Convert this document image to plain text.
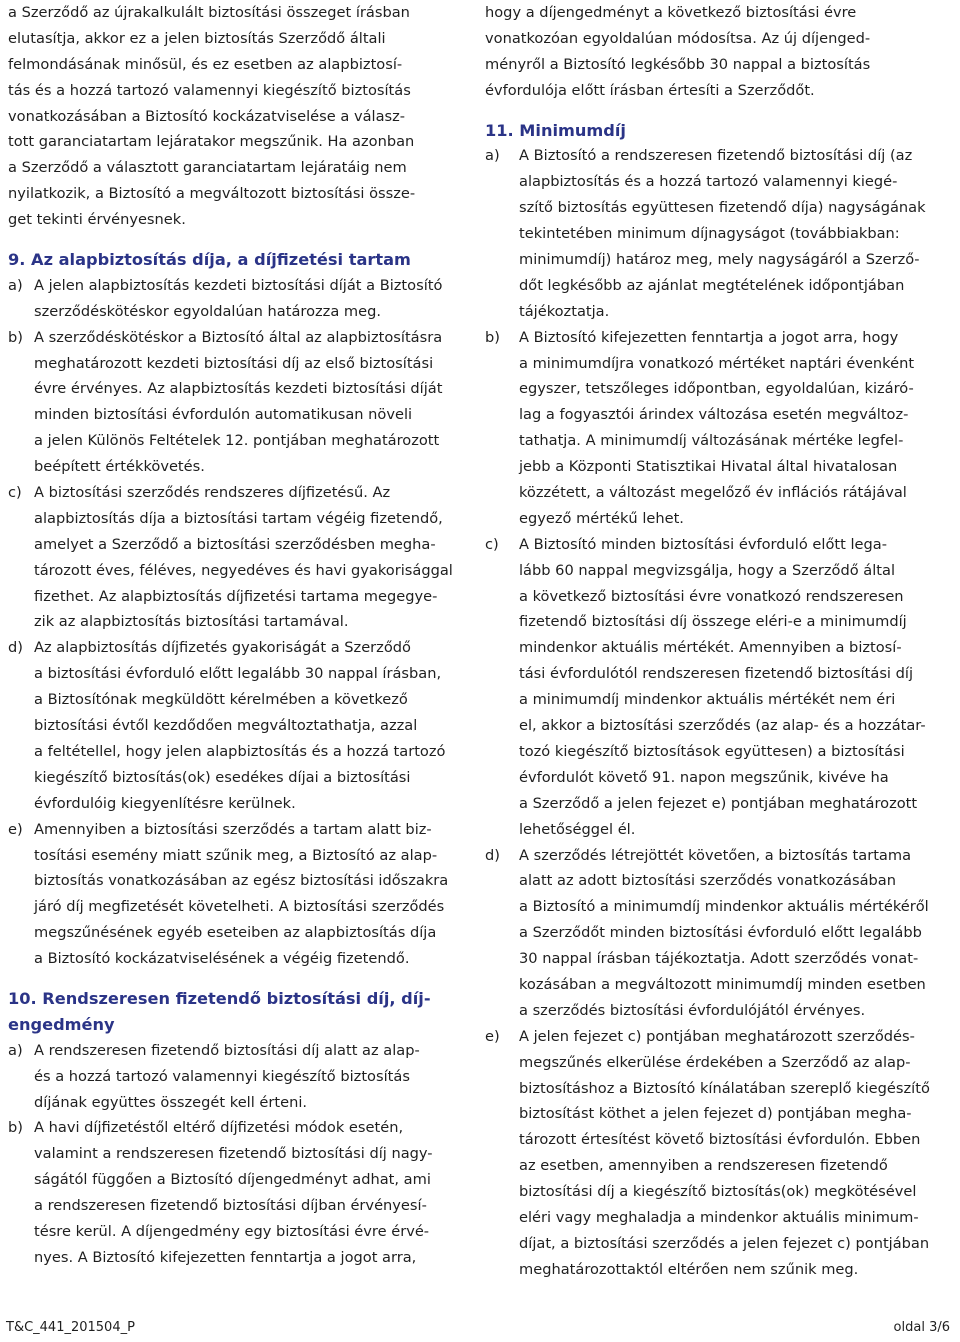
a Szerződő az újrakalkulált biztosítási összeget írásban
elutasítja, akkor ez a jelen biztosítás Szerződő általi
felmondásának minősül, és ez esetben az alapbiztosí-
tás és a hozzá tartozó valamennyi kiegészítő biztosítás
vonatkozásában a Biztosító kockázatviselése a válasz-
tott garanciatartam lejáratakor megszűnik. Ha azonban
a Szerződő a választott garanciatartam lejáratáig nem
nyilatkozik, a Biztosító a megváltozott biztosítási össze-
get tekinti érvényesnek.
9. Az alapbiztosítás díja, a díjfizetési tartam
a) A jelen alapbiztosítás kezdeti biztosítási díját a Biztosító
szerződéskötéskor egyoldalúan határozza meg.
b) A szerződéskötéskor a Biztosító által az alapbiztosításra
meghatározott kezdeti biztosítási díj az első biztosítási
évre érvényes. Az alapbiztosítás kezdeti biztosítási díját
minden biztosítási évfordulón automatikusan növeli
a jelen Különös Feltételek 12. pontjában meghatározott
beépített értékkövetés.
c) A biztosítási szerződés rendszeres díjfizetésű. Az
alapbiztosítás díja a biztosítási tartam végéig fizetendő,
amelyet a Szerződő a biztosítási szerződésben megha-
tározott éves, féléves, negyedéves és havi gyakorisággal
fizethet. Az alapbiztosítás díjfizetési tartama megegye-
zik az alapbiztosítás biztosítási tartamával.
d) Az alapbiztosítás díjfizetés gyakoriságát a Szerződő
a biztosítási évforduló előtt legalább 30 nappal írásban,
a Biztosítónak megküldött kérelmében a következő
biztosítási évtől kezdődően megváltoztathatja, azzal
a feltétellel, hogy jelen alapbiztosítás és a hozzá tartozó
kiegészítő biztosítás(ok) esedékes díjai a biztosítási
évfordulóig kiegyenlítésre kerülnek.
e) Amennyiben a biztosítási szerződés a tartam alatt biz-
tosítási esemény miatt szűnik meg, a Biztosító az alap-
biztosítás vonatkozásában az egész biztosítási időszakra
járó díj megfizetését követelheti. A biztosítási szerződés
megszűnésének egyéb eseteiben az alapbiztosítás díja
a Biztosító kockázatviselésének a végéig fizetendő.
10. Rendszeresen fizetendő biztosítási díj, díj-
engedmény
a) A rendszeresen fizetendő biztosítási díj alatt az alap-
és a hozzá tartozó valamennyi kiegészítő biztosítás
díjának együttes összegét kell érteni.
b) A havi díjfizetéstől eltérő díjfizetési módok esetén,
valamint a rendszeresen fizetendő biztosítási díj nagy-
ságától függően a Biztosító díjengedményt adhat, ami
a rendszeresen fizetendő biztosítási díjban érvényesí-
tésre kerül. A díjengedmény egy biztosítási évre érvé-
nyes. A Biztosító kifejezetten fenntartja a jogot arra,
hogy a díjengedményt a következő biztosítási évre
vonatkozóan egyoldalúan módosítsa. Az új díjenged-
ményről a Biztosító legkésőbb 30 nappal a biztosítás
évfordulója előtt írásban értesíti a Szerződőt.
11. Minimumdíj
a) A Biztosító a rendszeresen fizetendő biztosítási díj (az
alapbiztosítás és a hozzá tartozó valamennyi kiegé-
szítő biztosítás együttesen fizetendő díja) nagyságának
tekintetében minimum díjnagyságot (továbbiakban:
minimumdíj) határoz meg, mely nagyságáról a Szerző-
dőt legkésőbb az ajánlat megtételének időpontjában
tájékoztatja.
b) A Biztosító kifejezetten fenntartja a jogot arra, hogy
a minimumdíjra vonatkozó mértéket naptári évenként
egyszer, tetszőleges időpontban, egyoldalúan, kizáró-
lag a fogyasztói árindex változása esetén megváltoz-
tathatja. A minimumdíj változásának mértéke legfel-
jebb a Központi Statisztikai Hivatal által hivatalosan
közzétett, a változást megelőző év inflációs rátájával
egyező mértékű lehet.
c) A Biztosító minden biztosítási évforduló előtt lega-
lább 60 nappal megvizsgálja, hogy a Szerződő által
a következő biztosítási évre vonatkozó rendszeresen
fizetendő biztosítási díj összege eléri-e a minimumdíj
mindenkor aktuális mértékét. Amennyiben a biztosí-
tási évfordulótól rendszeresen fizetendő biztosítási díj
a minimumdíj mindenkor aktuális mértékét nem éri
el, akkor a biztosítási szerződés (az alap- és a hozzátar-
tozó kiegészítő biztosítások együttesen) a biztosítási
évfordulót követő 91. napon megszűnik, kivéve ha
a Szerződő a jelen fejezet e) pontjában meghatározott
lehetőséggel él.
d) A szerződés létrejöttét követően, a biztosítás tartama
alatt az adott biztosítási szerződés vonatkozásában
a Biztosító a minimumdíj mindenkor aktuális mértékéről
a Szerződőt minden biztosítási évforduló előtt legalább
30 nappal írásban tájékoztatja. Adott szerződés vonat-
kozásában a megváltozott minimumdíj minden esetben
a szerződés biztosítási évfordulójától érvényes.
e) A jelen fejezet c) pontjában meghatározott szerződés-
megszűnés elkerülése érdekében a Szerződő az alap-
biztosításhoz a Biztosító kínálatában szereplő kiegészítő
biztosítást köthet a jelen fejezet d) pontjában megha-
tározott értesítést követő biztosítási évfordulón. Ebben
az esetben, amennyiben a rendszeresen fizetendő
biztosítási díj a kiegészítő biztosítás(ok) megkötésével
eléri vagy meghaladja a mindenkor aktuális minimum-
díjat, a biztosítási szerződés a jelen fejezet c) pontjában
meghatározottaktól eltérően nem szűnik meg.
T&C_441_201504_P	oldal 3/6
